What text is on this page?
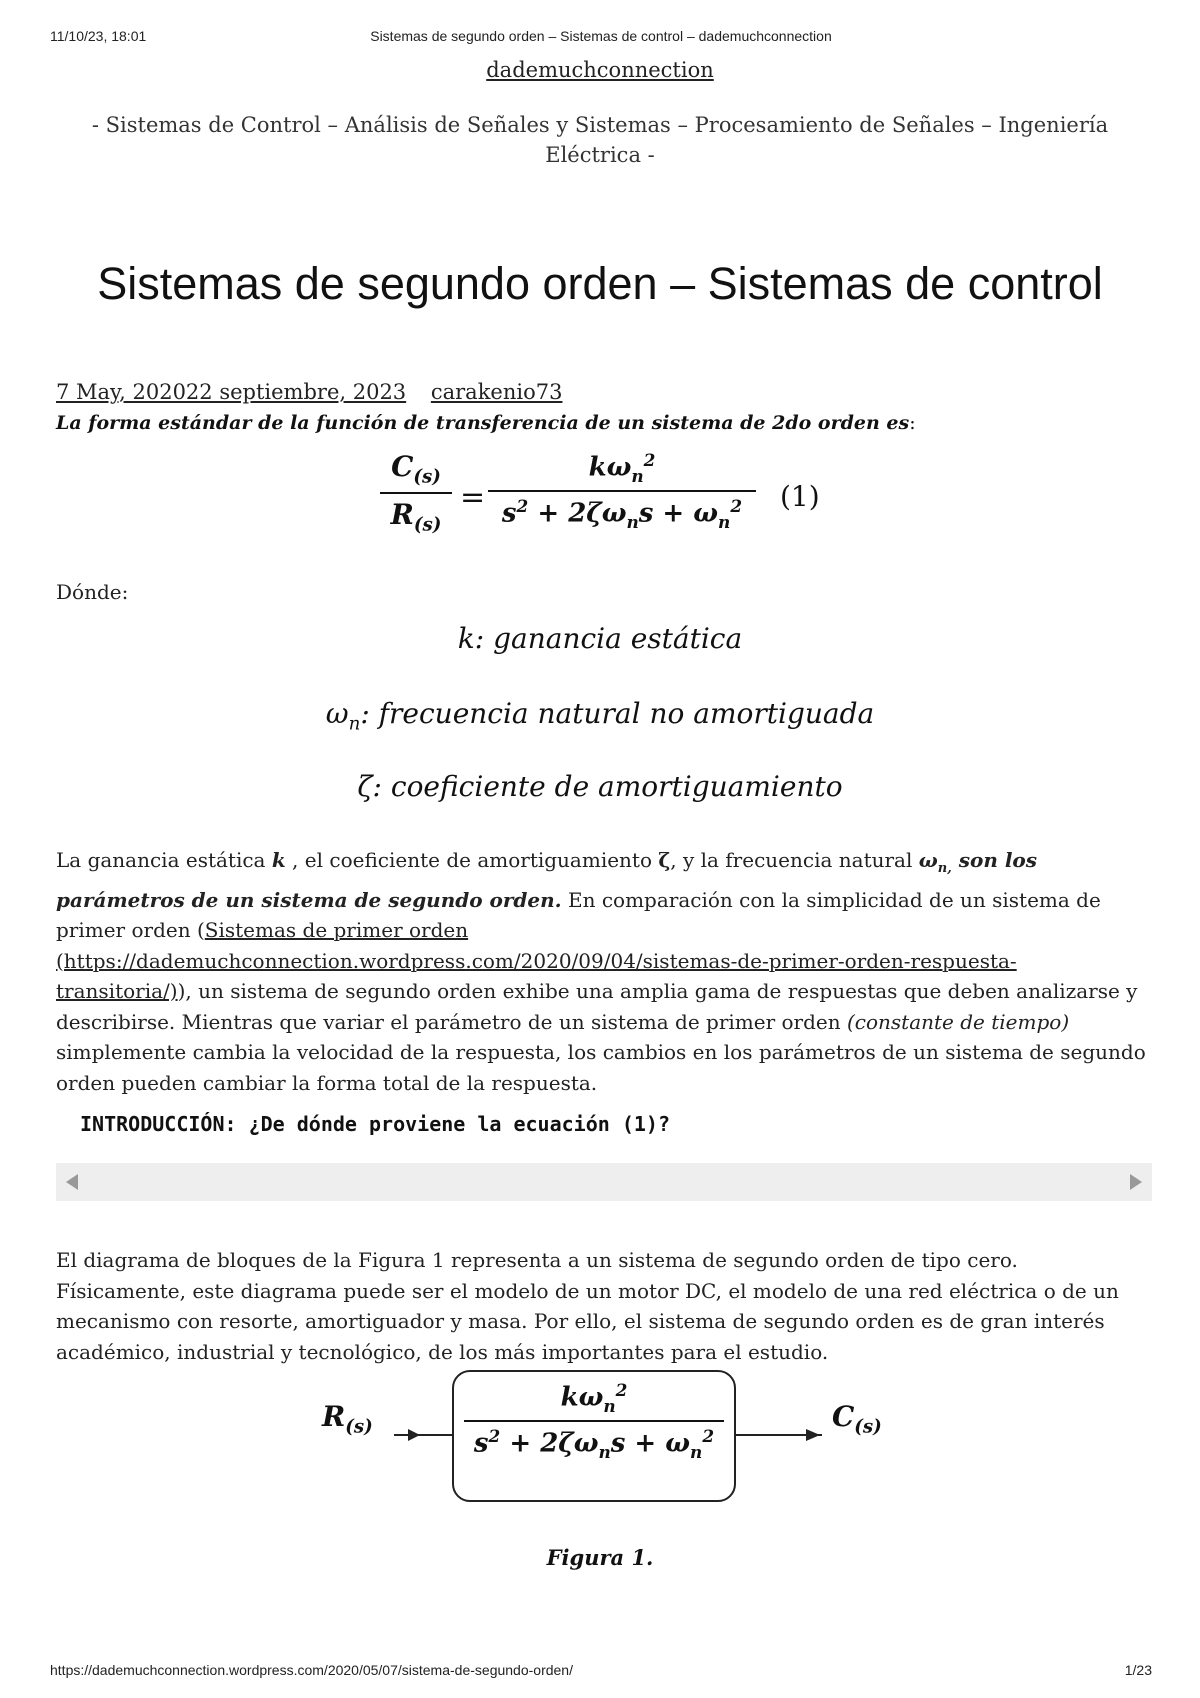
11/10/23, 18:01	Sistemas de segundo orden – Sistemas de control – dademuchconnection
dademuchconnection
- Sistemas de Control – Análisis de Señales y Sistemas – Procesamiento de Señales – Ingeniería Eléctrica -
Sistemas de segundo orden – Sistemas de control
7 May, 202022 septiembre, 2023 carakenio73
La forma estándar de la función de transferencia de un sistema de 2do orden es:
$C_{(s)}$
$R_{(s)}$
=
$k\omega_n^2$
$s^2 + 2\zeta\omega_ns + \omega_n^2$	(1)
Dónde:
k: ganancia estática
$\omega_n$: frecuencia natural no amortiguada
ζ: coeficiente de amortiguamiento

La ganancia estática k , el coeficiente de amortiguamiento ζ, y la frecuencia natural $\omega_{n,}$ son los parámetros de un sistema de segundo orden. En comparación con la simplicidad de un sistema de primer orden (Sistemas de primer orden (https://dademuchconnection.wordpress.com/2020/09/04/sistemas-de-primer-orden-respuesta-transitoria/)), un sistema de segundo orden exhibe una amplia gama de respuestas que deben analizarse y describirse. Mientras que variar el parámetro de un sistema de primer orden (constante de tiempo) simplemente cambia la velocidad de la respuesta, los cambios en los parámetros de un sistema de segundo orden pueden cambiar la forma total de la respuesta.

INTRODUCCIÓN: ¿De dónde proviene la ecuación (1)?

El diagrama de bloques de la Figura 1 representa a un sistema de segundo orden de tipo cero. Físicamente, este diagrama puede ser el modelo de un motor DC, el modelo de una red eléctrica o de un mecanismo con resorte, amortiguador y masa. Por ello, el sistema de segundo orden es de gran interés académico, industrial y tecnológico, de los más importantes para el estudio.

$R_{(s)}$
$k\omega_n^2$
$s^2 + 2\zeta\omega_ns + \omega_n^2$
$C_{(s)}$
Figura 1.
https://dademuchconnection.wordpress.com/2020/05/07/sistema-de-segundo-orden/	1/23
